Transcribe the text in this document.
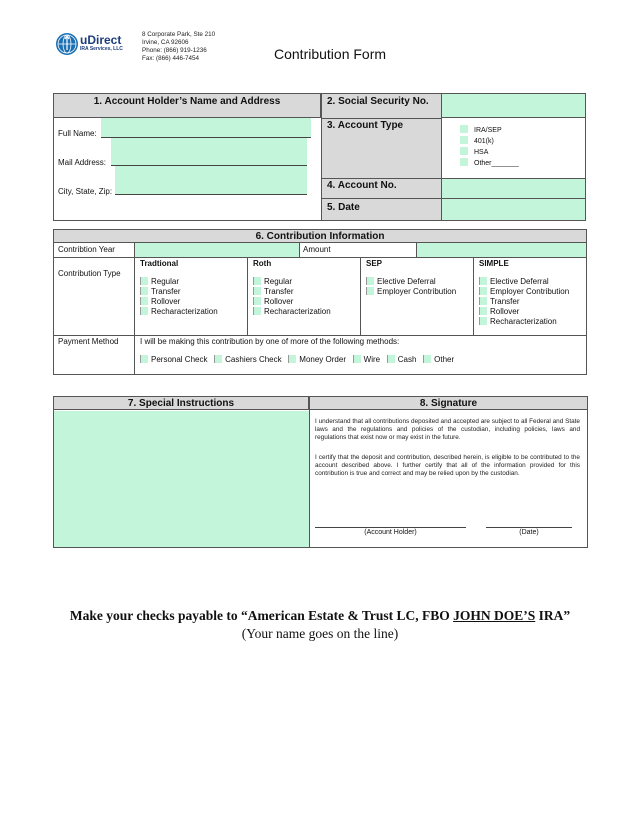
uDirect
IRA Services, LLC
8 Corporate Park, Ste 210
Irvine, CA 92606
Phone: (866) 919-1236
Fax: (866) 446-7454	Contribution Form
1. Account Holder’s Name and Address
Full Name:
Mail Address:
City, State, Zip:
2. Social Security No.
3. Account Type	IRA/SEP
401(k)
HSA
Other_______
4. Account No.
5. Date
6. Contribution Information
Contribtion Year	Amount
Contribution Type
Tradtional
Regular
Transfer
Rollover
Recharacterization
Roth
Regular
Transfer
Rollover
Recharacterization
SEP
Elective Deferral
Employer Contribution
SIMPLE
Elective Deferral
Employer Contribution
Transfer
Rollover
Recharacterization
Payment Method	I will be making this contribution by one of more of the following methods:
Personal Check Cashiers Check Money Order Wire Cash Other
7. Special Instructions	8. Signature
I understand that all contributions deposited and accepted are subject to all Federal and State laws and the regulations and policies of the custodian, including policies, laws and regulations that exist now or may exist in the future.
I certify that the deposit and contribution, described herein, is eligible to be contributed to the account described above. I further certify that all of the information provided for this contribution is true and correct and may be relied upon by the custodian.
(Account Holder)	(Date)
Make your checks payable to “American Estate & Trust LC, FBO JOHN DOE’S IRA”
(Your name goes on the line)
